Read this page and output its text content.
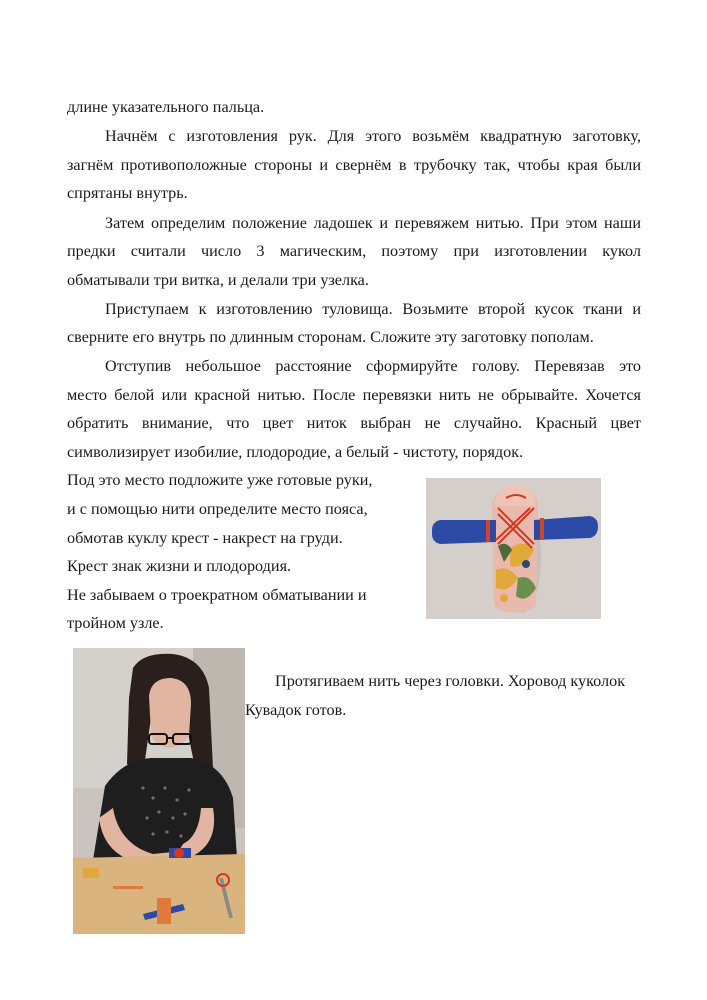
длине указательного пальца.
Начнём с изготовления рук. Для этого возьмём квадратную заготовку,
загнём противоположные стороны и свернём в трубочку так, чтобы края были
спрятаны внутрь.
Затем определим положение ладошек и перевяжем нитью. При этом наши
предки считали число 3 магическим, поэтому при изготовлении кукол
обматывали три витка, и делали три узелка.
Приступаем к изготовлению туловища. Возьмите второй кусок ткани и
сверните его внутрь по длинным сторонам. Сложите эту заготовку пополам.
Отступив небольшое расстояние сформируйте голову. Перевязав это
место белой или красной нитью. После перевязки нить не обрывайте. Хочется
обратить внимание, что цвет ниток выбран не случайно. Красный цвет
символизирует изобилие, плодородие, а белый - чистоту, порядок.
Под это место подложите уже готовые руки,
и с помощью нити определите место пояса,
обмотав куклу крест - накрест на груди.
Крест знак жизни и плодородия.
Не забываем о троекратном обматывании и
тройном узле.
Протягиваем нить через головки. Хоровод куколок
Кувадок готов.
